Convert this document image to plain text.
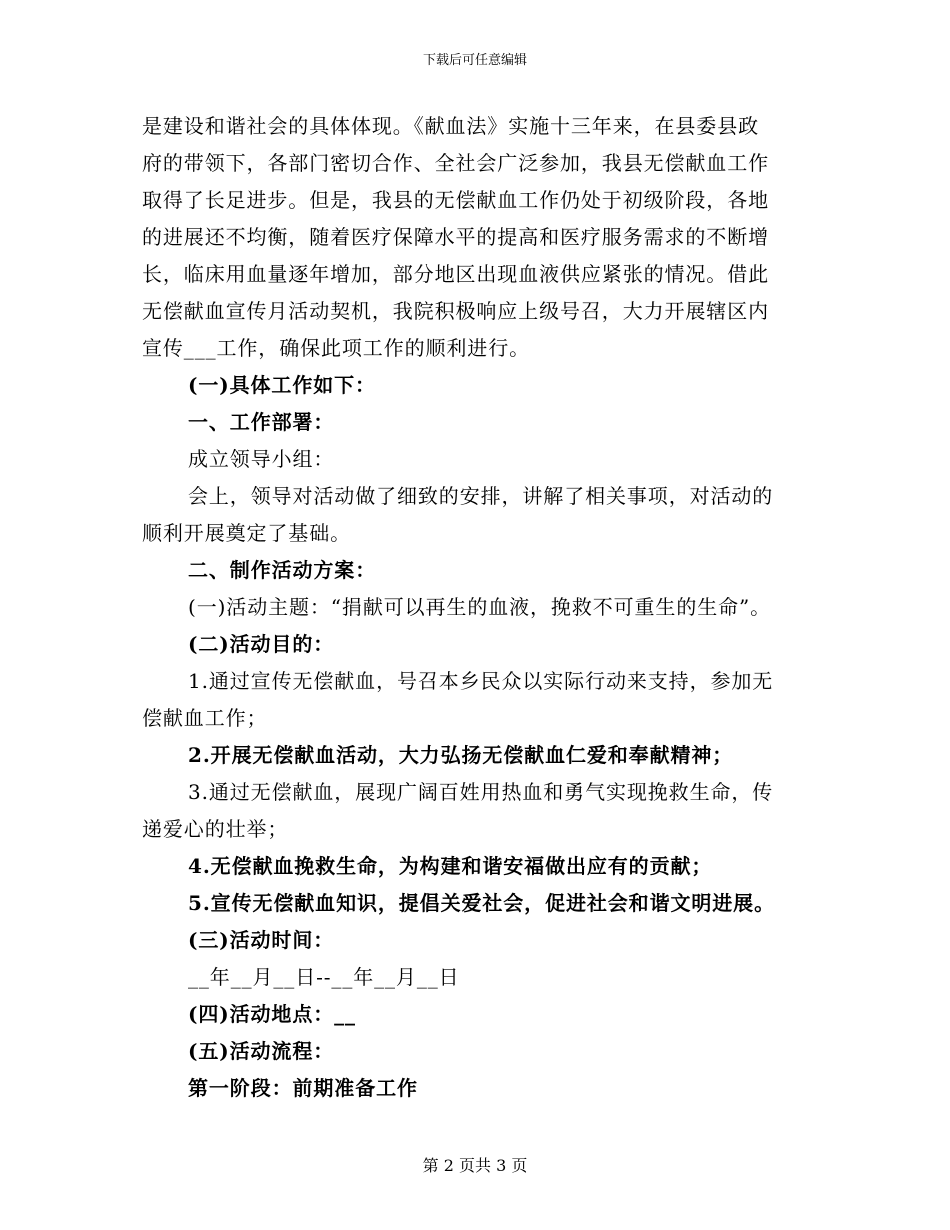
下载后可任意编辑
是建设和谐社会的具体体现。《献血法》实施十三年来，在县委县政
府的带领下，各部门密切合作、全社会广泛参加，我县无偿献血工作
取得了长足进步。但是，我县的无偿献血工作仍处于初级阶段，各地
的进展还不均衡，随着医疗保障水平的提高和医疗服务需求的不断增
长，临床用血量逐年增加，部分地区出现血液供应紧张的情况。借此
无偿献血宣传月活动契机，我院积极响应上级号召，大力开展辖区内
宣传___工作，确保此项工作的顺利进行。
(一)具体工作如下：
一、工作部署：
成立领导小组：
会上，领导对活动做了细致的安排，讲解了相关事项，对活动的
顺利开展奠定了基础。
二、制作活动方案：
(一)活动主题：“捐献可以再生的血液，挽救不可重生的生命”。
(二)活动目的：
1.通过宣传无偿献血，号召本乡民众以实际行动来支持，参加无
偿献血工作；
2.开展无偿献血活动，大力弘扬无偿献血仁爱和奉献精神；
3.通过无偿献血，展现广阔百姓用热血和勇气实现挽救生命，传
递爱心的壮举；
4.无偿献血挽救生命，为构建和谐安福做出应有的贡献；
5.宣传无偿献血知识，提倡关爱社会，促进社会和谐文明进展。
(三)活动时间：
__年__月__日--__年__月__日
(四)活动地点：__
(五)活动流程：
第一阶段：前期准备工作
第 2 页共 3 页
